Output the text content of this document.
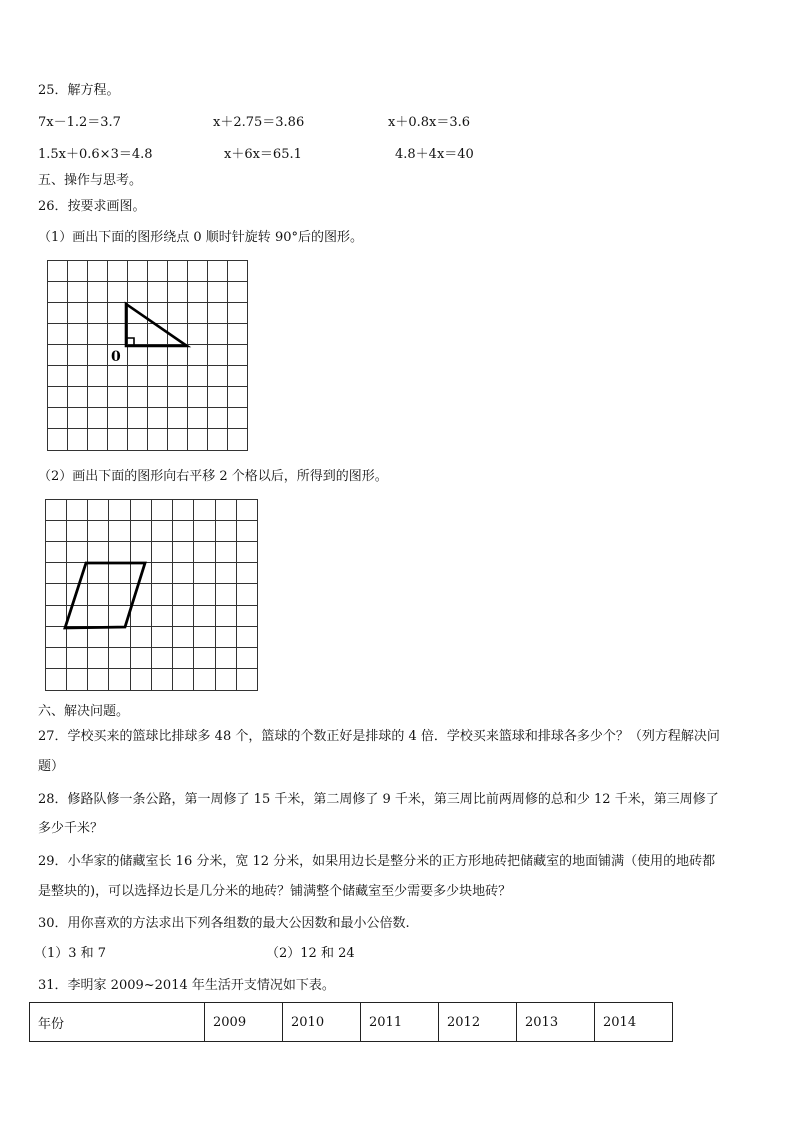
25．解方程。
7x－1.2＝3.7	x＋2.75＝3.86	x＋0.8x＝3.6
1.5x＋0.6×3＝4.8	x＋6x＝65.1	4.8＋4x＝40
五、操作与思考。
26．按要求画图。
（1）画出下面的图形绕点 0 顺时针旋转 90°后的图形。
0
（2）画出下面的图形向右平移 2 个格以后，所得到的图形。
六、解决问题。
27．学校买来的篮球比排球多 48 个，篮球的个数正好是排球的 4 倍．学校买来篮球和排球各多少个？（列方程解决问
题）
28．修路队修一条公路，第一周修了 15 千米，第二周修了 9 千米，第三周比前两周修的总和少 12 千米，第三周修了
多少千米？
29．小华家的储藏室长 16 分米，宽 12 分米，如果用边长是整分米的正方形地砖把储藏室的地面铺满（使用的地砖都
是整块的)，可以选择边长是几分米的地砖？铺满整个储藏室至少需要多少块地砖？
30．用你喜欢的方法求出下列各组数的最大公因数和最小公倍数.
（1）3 和 7	（2）12 和 24
31．李明家 2009~2014 年生活开支情况如下表。
年份	2009	2010	2011	2012	2013	2014
